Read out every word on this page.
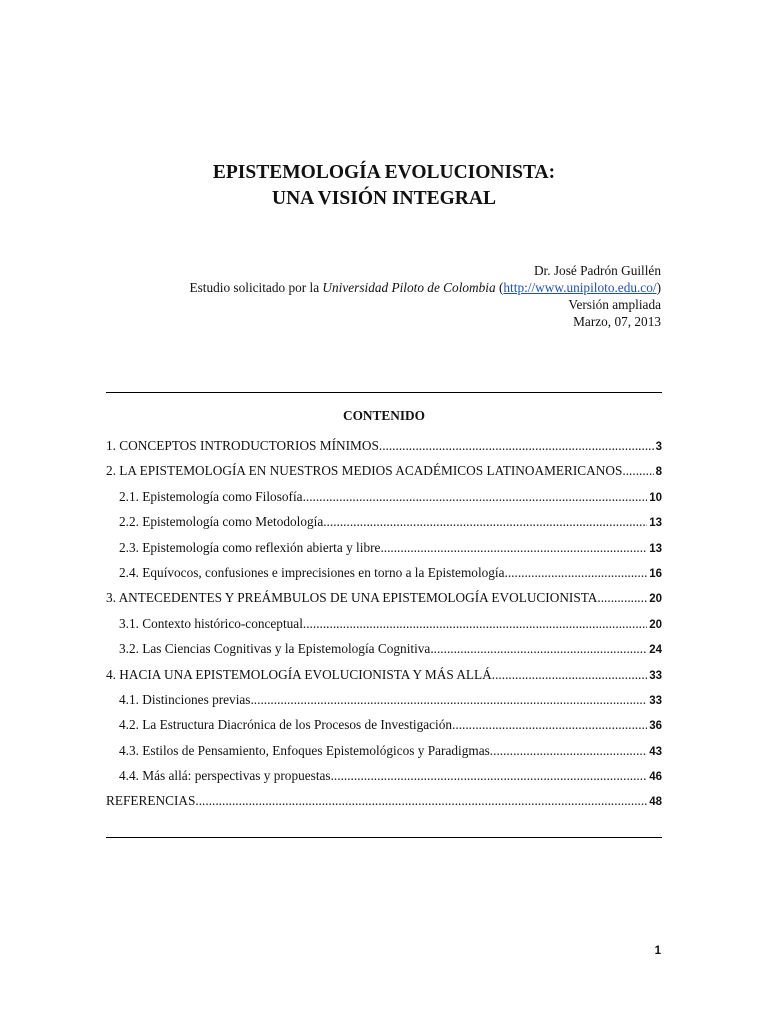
EPISTEMOLOGÍA EVOLUCIONISTA:
UNA VISIÓN INTEGRAL
Dr. José Padrón Guillén
Estudio solicitado por la Universidad Piloto de Colombia (http://www.unipiloto.edu.co/)
Versión ampliada
Marzo, 07, 2013
CONTENIDO
1. CONCEPTOS INTRODUCTORIOS MÍNIMOS .....	3
2. LA EPISTEMOLOGÍA EN NUESTROS MEDIOS ACADÉMICOS LATINOAMERICANOS .....	8
2.1. Epistemología como Filosofía .....	10
2.2. Epistemología como Metodología .....	13
2.3. Epistemología como reflexión abierta y libre .....	13
2.4. Equívocos, confusiones e imprecisiones en torno a la Epistemología .....	16
3. ANTECEDENTES Y PREÁMBULOS DE UNA EPISTEMOLOGÍA EVOLUCIONISTA .....	20
3.1. Contexto histórico-conceptual .....	20
3.2. Las Ciencias Cognitivas y la Epistemología Cognitiva .....	24
4. HACIA UNA EPISTEMOLOGÍA EVOLUCIONISTA Y MÁS ALLÁ .....	33
4.1. Distinciones previas .....	33
4.2. La Estructura Diacrónica de los Procesos de Investigación .....	36
4.3. Estilos de Pensamiento, Enfoques Epistemológicos y Paradigmas .....	43
4.4. Más allá: perspectivas y propuestas .....	46
REFERENCIAS .....	48
1
